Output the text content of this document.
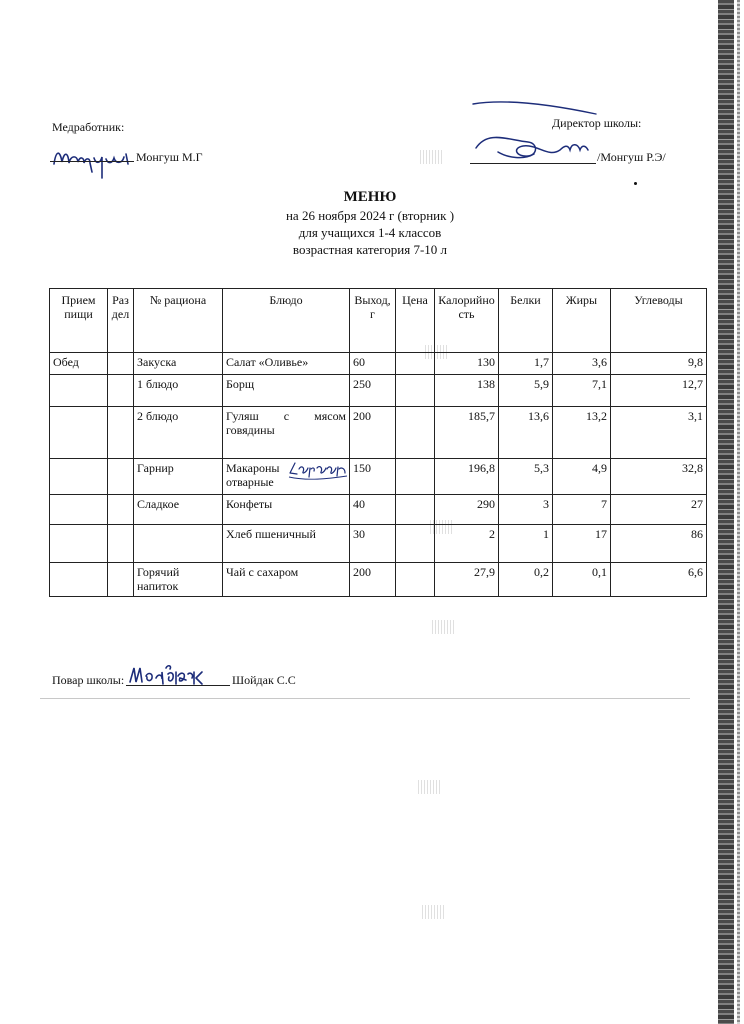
Медработник:
Монгуш М.Г
Директор школы:
/Монгуш Р.Э/
МЕНЮ
на 26 ноября 2024 г (вторник )
для учащихся 1-4 классов
возрастная категория 7-10 л
Прием пищи	Раздел	№ рациона	Блюдо	Выход, г	Цена	Калорийность	Белки	Жиры	Углеводы
Обед		Закуска	Салат «Оливье»	60		130	1,7	3,6	9,8
		1 блюдо	Борщ	250		138	5,9	7,1	12,7
		2 блюдо	Гуляш с мясом говядины	200		185,7	13,6	13,2	3,1
		Гарнир	Макароны отварные	150		196,8	5,3	4,9	32,8
		Сладкое	Конфеты	40		290	3	7	27
			Хлеб пшеничный	30		2	1	17	86
		Горячий напиток	Чай с сахаром	200		27,9	0,2	0,1	6,6
Повар школы:	Шойдак С.С
